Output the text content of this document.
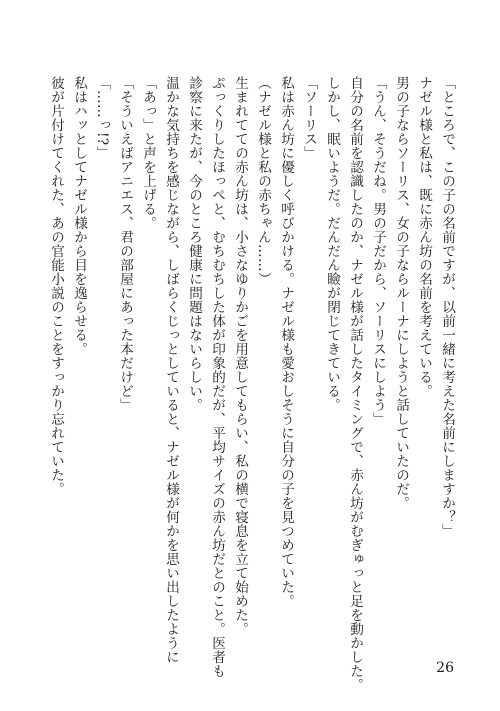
「ところで、この子の名前ですが、以前一緒に考えた名前にしますか？」
ナゼル様と私は、既に赤ん坊の名前を考えている。
男の子ならソーリス、女の子ならルーナにしようと話していたのだ。
「うん、そうだね。男の子だから、ソーリスにしよう」
自分の名前を認識したのか、ナゼル様が話したタイミングで、赤ん坊がむぎゅっと足を動かした。
しかし、眠いようだ。だんだん瞼が閉じてきている。
「ソーリス」
私は赤ん坊に優しく呼びかける。ナゼル様も愛おしそうに自分の子を見つめていた。
（ナゼル様と私の赤ちゃん……）
生まれてての赤ん坊は、小さなゆりかごを用意してもらい、私の横で寝息を立て始めた。
ぷっくりしたほっぺと、むちむちした体が印象的だが、平均サイズの赤ん坊だとのこと。医者も
診察に来たが、今のところ健康に問題はないらしい。
温かな気持ちを感じながら、しばらくじっとしていると、ナゼル様が何かを思い出したように
「あっ」と声を上げる。
「そういえばアニエス、君の部屋にあった本だけど」
「……っ!?」
私はハッとしてナゼル様から目を逸らせる。
彼が片付けてくれた、あの官能小説のことをすっかり忘れていた。
26
